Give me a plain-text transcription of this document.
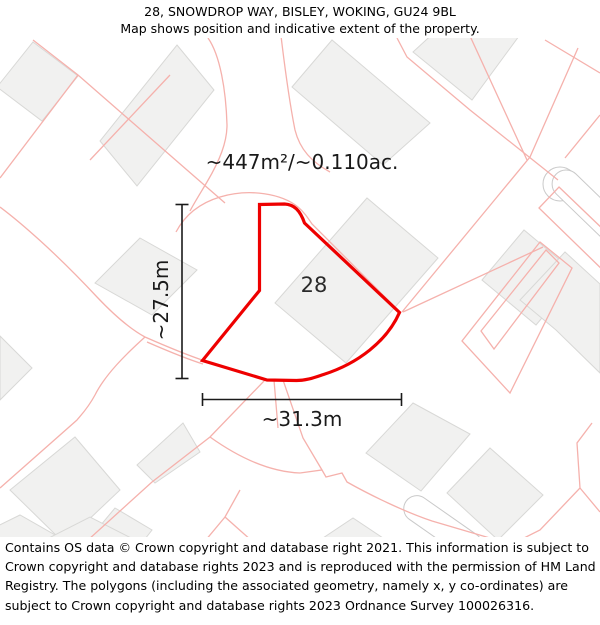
28, SNOWDROP WAY, BISLEY, WOKING, GU24 9BL
Map shows position and indicative extent of the property.
~447m²/~0.110ac.
28
~27.5m
~31.3m
Contains OS data © Crown copyright and database right 2021. This information is subject to Crown copyright and database rights 2023 and is reproduced with the permission of HM Land Registry. The polygons (including the associated geometry, namely x, y co-ordinates) are subject to Crown copyright and database rights 2023 Ordnance Survey 100026316.
